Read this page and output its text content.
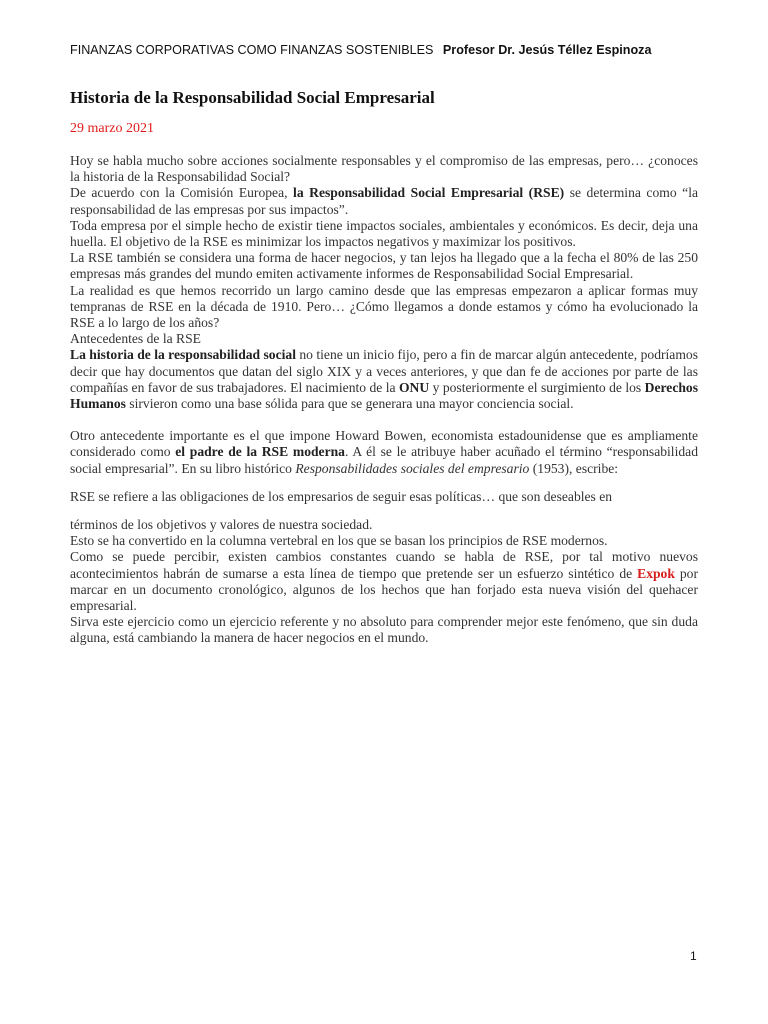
FINANZAS CORPORATIVAS COMO FINANZAS SOSTENIBLES Profesor Dr. Jesús Téllez Espinoza
Historia de la Responsabilidad Social Empresarial
29 marzo 2021

Hoy se habla mucho sobre acciones socialmente responsables y el compromiso de las empresas, pero… ¿conoces la historia de la Responsabilidad Social?

De acuerdo con la Comisión Europea, la Responsabilidad Social Empresarial (RSE) se determina como “la responsabilidad de las empresas por sus impactos”.

Toda empresa por el simple hecho de existir tiene impactos sociales, ambientales y económicos. Es decir, deja una huella. El objetivo de la RSE es minimizar los impactos negativos y maximizar los positivos.

La RSE también se considera una forma de hacer negocios, y tan lejos ha llegado que a la fecha el 80% de las 250 empresas más grandes del mundo emiten activamente informes de Responsabilidad Social Empresarial.

La realidad es que hemos recorrido un largo camino desde que las empresas empezaron a aplicar formas muy tempranas de RSE en la década de 1910. Pero… ¿Cómo llegamos a donde estamos y cómo ha evolucionado la RSE a lo largo de los años?

Antecedentes de la RSE

La historia de la responsabilidad social no tiene un inicio fijo, pero a fin de marcar algún antecedente, podríamos decir que hay documentos que datan del siglo XIX y a veces anteriores, y que dan fe de acciones por parte de las compañías en favor de sus trabajadores. El nacimiento de la ONU y posteriormente el surgimiento de los Derechos Humanos sirvieron como una base sólida para que se generara una mayor conciencia social.

Otro antecedente importante es el que impone Howard Bowen, economista estadounidense que es ampliamente considerado como el padre de la RSE moderna. A él se le atribuye haber acuñado el término “responsabilidad social empresarial”. En su libro histórico Responsabilidades sociales del empresario (1953), escribe:

RSE se refiere a las obligaciones de los empresarios de seguir esas políticas… que son deseables en

términos de los objetivos y valores de nuestra sociedad.

Esto se ha convertido en la columna vertebral en los que se basan los principios de RSE modernos.

Como se puede percibir, existen cambios constantes cuando se habla de RSE, por tal motivo nuevos acontecimientos habrán de sumarse a esta línea de tiempo que pretende ser un esfuerzo sintético de Expok por marcar en un documento cronológico, algunos de los hechos que han forjado esta nueva visión del quehacer empresarial.

Sirva este ejercicio como un ejercicio referente y no absoluto para comprender mejor este fenómeno, que sin duda alguna, está cambiando la manera de hacer negocios en el mundo.

1
